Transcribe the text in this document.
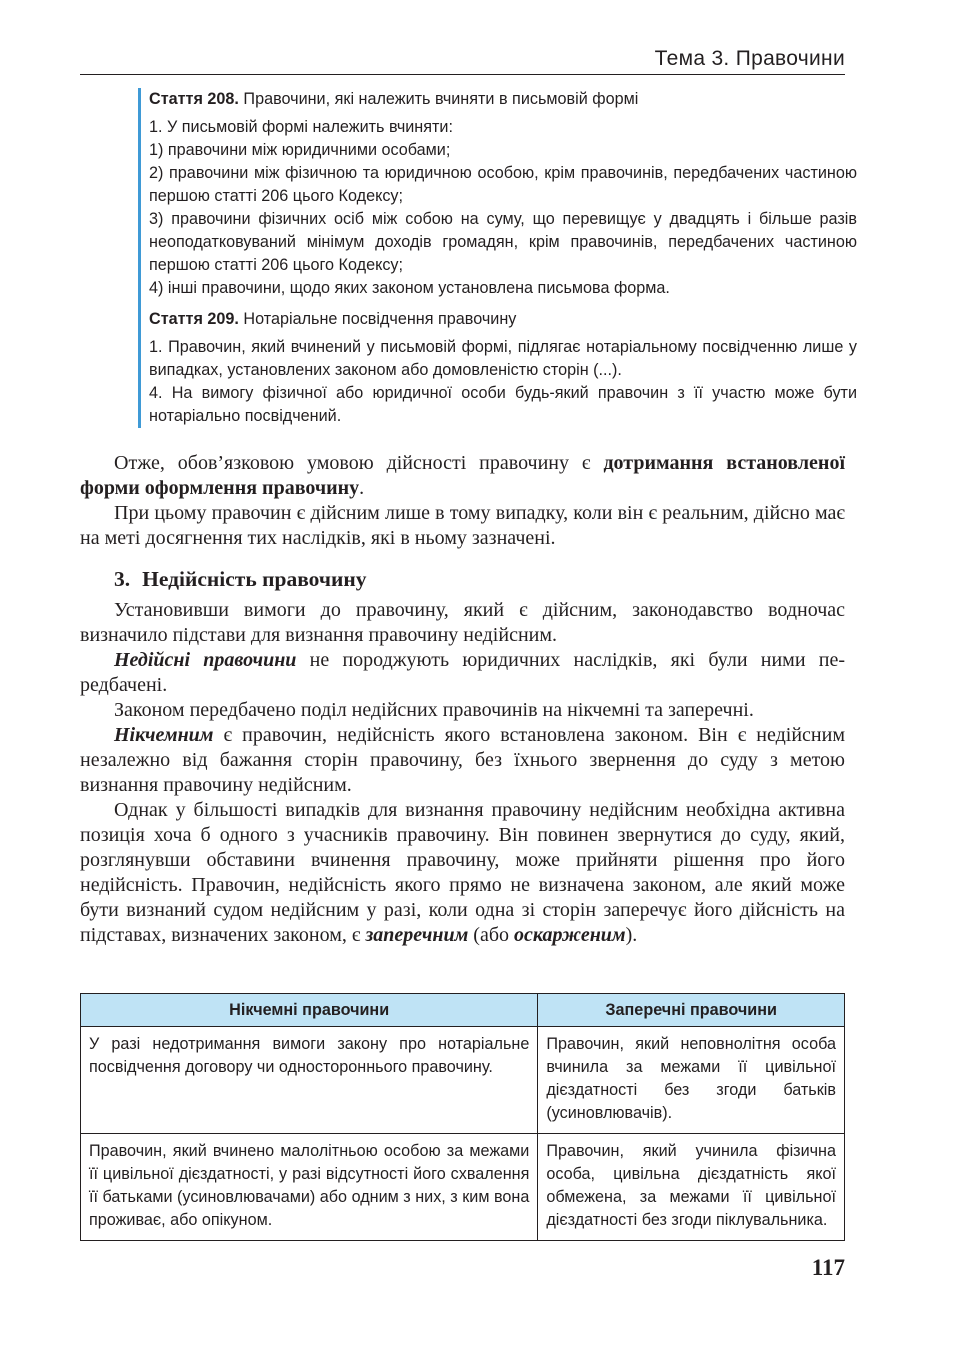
Тема 3. Правочини

Стаття 208. Правочини, які належить вчиняти в письмовій формі

1. У письмовій формі належить вчиняти:

1) правочини між юридичними особами;

2) правочини між фізичною та юридичною особою, крім правочинів, передбачених частиною першою статті 206 цього Кодексу;

3) правочини фізичних осіб між собою на суму, що перевищує у двадцять і більше разів неоподатковуваний мінімум доходів громадян, крім правочинів, передбачених частиною першою статті 206 цього Кодексу;

4) інші правочини, щодо яких законом установлена письмова форма.

Стаття 209. Нотаріальне посвідчення правочину

1. Правочин, який вчинений у письмовій формі, підлягає нотаріальному посвідченню лише у випадках, установлених законом або домовленістю сторін (...).

4. На вимогу фізичної або юридичної особи будь-який правочин з її участю може бути нотаріально посвідчений.

Отже, обов’язковою умовою дійсності правочину є дотримання встановленої форми оформлення правочину.

При цьому правочин є дійсним лише в тому випадку, коли він є реальним, дійсно має на меті досягнення тих наслідків, які в ньому зазначені.

3. Недійсність правочину

Установивши вимоги до правочину, який є дійсним, законодавство водночас визначило підстави для визнання правочину недійсним.

Недійсні правочини не породжують юридичних наслідків, які були ними передбачені.

Законом передбачено поділ недійсних правочинів на нікчемні та заперечні.

Нікчемним є правочин, недійсність якого встановлена законом. Він є недійсним незалежно від бажання сторін правочину, без їхнього звернення до суду з метою визнання правочину недійсним.

Однак у більшості випадків для визнання правочину недійсним необхідна активна позиція хоча б одного з учасників правочину. Він повинен звернутися до суду, який, розглянувши обставини вчинення правочину, може прийняти рішення про його недійсність. Правочин, недійсність якого прямо не визначена законом, але який може бути визнаний судом недійсним у разі, коли одна зі сторін заперечує його дійсність на підставах, визначених законом, є заперечним (або оскарженим).

Нікчемні правочини	Заперечні правочини
У разі недотримання вимоги закону про нотаріальне посвідчення договору чи одностороннього правочину.	Правочин, який неповнолітня особа вчинила за межами її цивільної дієздатності без згоди батьків (усиновлювачів).
Правочин, який вчинено малолітньою особою за межами її цивільної дієздатності, у разі відсутності його схвалення її батьками (усиновлювачами) або одним з них, з ким вона проживає, або опікуном.	Правочин, який учинила фізична особа, цивільна дієздатність якої обмежена, за межами її цивільної дієздатності без згоди піклувальника.
117
